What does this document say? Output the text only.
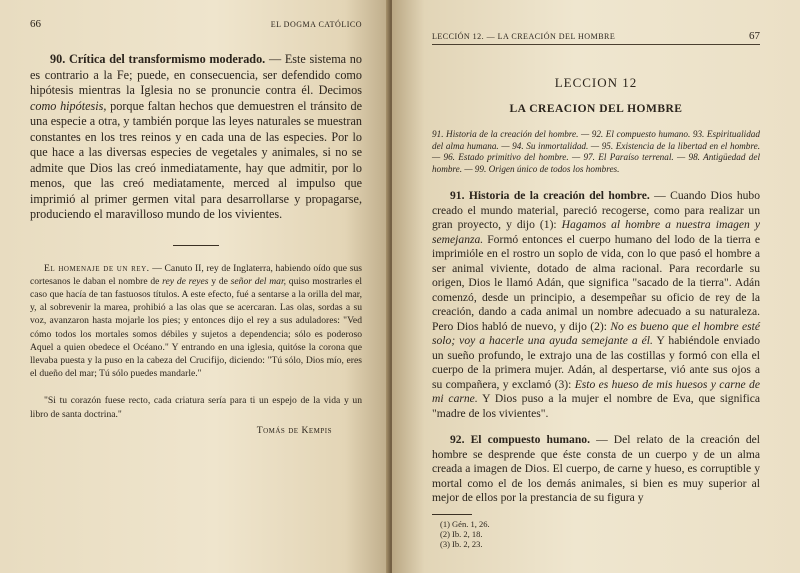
66	EL DOGMA CATÓLICO

90. Crítica del transformismo moderado. — Este sistema no es contrario a la Fe; puede, en consecuencia, ser defendido como hipótesis mientras la Iglesia no se pronuncie contra él. Decimos como hipótesis, porque faltan hechos que demuestren el tránsito de una especie a otra, y también porque las leyes naturales se muestran constantes en los tres reinos y en cada una de las especies. Por lo que hace a las diversas especies de vegetales y animales, si no se admite que Dios las creó inmediatamente, hay que admitir, por lo menos, que las creó mediatamente, merced al impulso que imprimió al primer germen vital para desarrollarse y propagarse, produciendo el maravilloso mundo de los vivientes.

El homenaje de un rey. — Canuto II, rey de Inglaterra, habiendo oído que sus cortesanos le daban el nombre de rey de reyes y de señor del mar, quiso mostrarles el caso que hacía de tan fastuosos títulos. A este efecto, fué a sentarse a la orilla del mar, y, al sobrevenir la marea, prohibió a las olas que se acercaran. Las olas, sordas a su voz, avanzaron hasta mojarle los pies; y entonces dijo el rey a sus aduladores: "Ved cómo todos los mortales somos débiles y sujetos a dependencia; sólo es poderoso Aquel a quien obedece el Océano." Y entrando en una iglesia, quitóse la corona que llevaba puesta y la puso en la cabeza del Crucifijo, diciendo: "Tú sólo, Dios mío, eres el dueño del mar; Tú sólo puedes mandarle."

"Si tu corazón fuese recto, cada criatura sería para ti un espejo de la vida y un libro de santa doctrina."

Tomás de Kempis
LECCIÓN 12. — LA CREACIÓN DEL HOMBRE	67
LECCION 12
LA CREACION DEL HOMBRE

91. Historia de la creación del hombre. — 92. El compuesto humano. 93. Espiritualidad del alma humana. — 94. Su inmortalidad. — 95. Existencia de la libertad en el hombre. — 96. Estado primitivo del hombre. — 97. El Paraíso terrenal. — 98. Antigüedad del hombre. — 99. Origen único de todos los hombres.

91. Historia de la creación del hombre. — Cuando Dios hubo creado el mundo material, pareció recogerse, como para realizar un gran proyecto, y dijo (1): Hagamos al hombre a nuestra imagen y semejanza. Formó entonces el cuerpo humano del lodo de la tierra e imprimióle en el rostro un soplo de vida, con lo que pasó el hombre a ser animal viviente, dotado de alma racional. Para recordarle su origen, Dios le llamó Adán, que significa "sacado de la tierra". Adán comenzó, desde un principio, a desempeñar su oficio de rey de la creación, dando a cada animal un nombre adecuado a su naturaleza. Pero Dios habló de nuevo, y dijo (2): No es bueno que el hombre esté solo; voy a hacerle una ayuda semejante a él. Y habiéndole enviado un sueño profundo, le extrajo una de las costillas y formó con ella el cuerpo de la primera mujer. Adán, al despertarse, vió ante sus ojos a su compañera, y exclamó (3): Esto es hueso de mis huesos y carne de mi carne. Y Dios puso a la mujer el nombre de Eva, que significa "madre de los vivientes".

92. El compuesto humano. — Del relato de la creación del hombre se desprende que éste consta de un cuerpo y de un alma creada a imagen de Dios. El cuerpo, de carne y hueso, es corruptible y mortal como el de los demás animales, si bien es muy superior al mejor de ellos por la prestancia de su figura y

(1) Gén. 1, 26.
(2) Ib. 2, 18.
(3) Ib. 2, 23.
